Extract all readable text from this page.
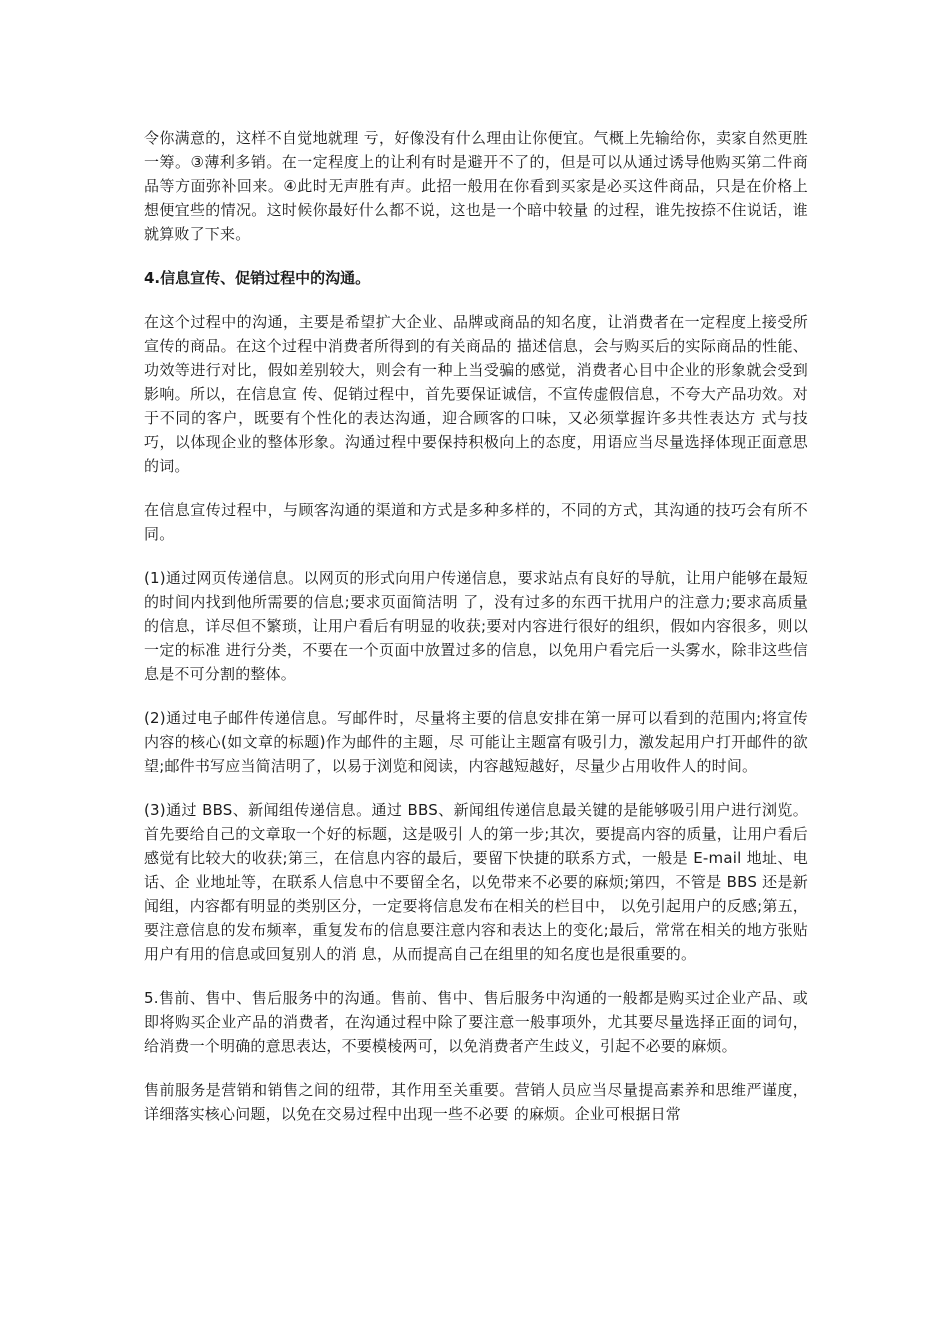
令你满意的，这样不自觉地就理 亏，好像没有什么理由让你便宜。气概上先输给你，卖家自然更胜一筹。③薄利多销。在一定程度上的让利有时是避开不了的，但是可以从通过诱导他购买第二件商 品等方面弥补回来。④此时无声胜有声。此招一般用在你看到买家是必买这件商品，只是在价格上想便宜些的情况。这时候你最好什么都不说，这也是一个暗中较量 的过程，谁先按捺不住说话，谁就算败了下来。

4.信息宣传、促销过程中的沟通。

在这个过程中的沟通，主要是希望扩大企业、品牌或商品的知名度，让消费者在一定程度上接受所宣传的商品。在这个过程中消费者所得到的有关商品的 描述信息，会与购买后的实际商品的性能、功效等进行对比，假如差别较大，则会有一种上当受骗的感觉，消费者心目中企业的形象就会受到影响。所以，在信息宣 传、促销过程中，首先要保证诚信，不宣传虚假信息，不夸大产品功效。对于不同的客户，既要有个性化的表达沟通，迎合顾客的口味，又必须掌握许多共性表达方 式与技巧，以体现企业的整体形象。沟通过程中要保持积极向上的态度，用语应当尽量选择体现正面意思的词。

在信息宣传过程中，与顾客沟通的渠道和方式是多种多样的，不同的方式，其沟通的技巧会有所不同。

(1)通过网页传递信息。以网页的形式向用户传递信息，要求站点有良好的导航，让用户能够在最短的时间内找到他所需要的信息;要求页面简洁明 了，没有过多的东西干扰用户的注意力;要求高质量的信息，详尽但不繁琐，让用户看后有明显的收获;要对内容进行很好的组织，假如内容很多，则以一定的标准 进行分类，不要在一个页面中放置过多的信息，以免用户看完后一头雾水，除非这些信息是不可分割的整体。

(2)通过电子邮件传递信息。写邮件时，尽量将主要的信息安排在第一屏可以看到的范围内;将宣传内容的核心(如文章的标题)作为邮件的主题，尽 可能让主题富有吸引力，激发起用户打开邮件的欲望;邮件书写应当简洁明了，以易于浏览和阅读，内容越短越好，尽量少占用收件人的时间。

(3)通过 BBS、新闻组传递信息。通过 BBS、新闻组传递信息最关键的是能够吸引用户进行浏览。首先要给自己的文章取一个好的标题，这是吸引 人的第一步;其次，要提高内容的质量，让用户看后感觉有比较大的收获;第三，在信息内容的最后，要留下快捷的联系方式，一般是 E-mail 地址、电话、企 业地址等，在联系人信息中不要留全名，以免带来不必要的麻烦;第四，不管是 BBS 还是新闻组，内容都有明显的类别区分，一定要将信息发布在相关的栏目中， 以免引起用户的反感;第五，要注意信息的发布频率，重复发布的信息要注意内容和表达上的变化;最后，常常在相关的地方张贴用户有用的信息或回复别人的消 息，从而提高自己在组里的知名度也是很重要的。

5.售前、售中、售后服务中的沟通。售前、售中、售后服务中沟通的一般都是购买过企业产品、或即将购买企业产品的消费者，在沟通过程中除了要注意一般事项外，尤其要尽量选择正面的词句，给消费一个明确的意思表达，不要模棱两可，以免消费者产生歧义，引起不必要的麻烦。

售前服务是营销和销售之间的纽带，其作用至关重要。营销人员应当尽量提高素养和思维严谨度，详细落实核心问题，以免在交易过程中出现一些不必要 的麻烦。企业可根据日常
